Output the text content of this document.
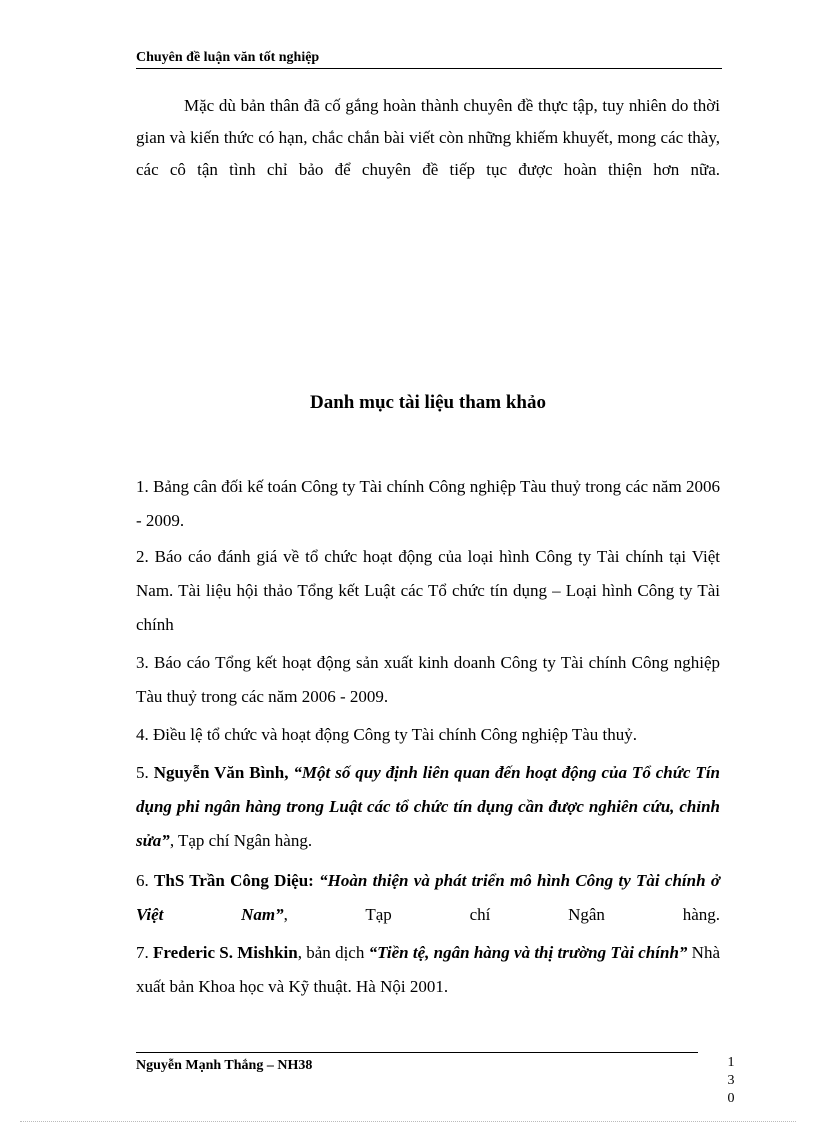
Chuyên đề luận văn tốt nghiệp

Mặc dù bản thân đã cố gắng hoàn thành chuyên đề thực tập, tuy nhiên do thời gian và kiến thức có hạn, chắc chắn bài viết còn những khiếm khuyết, mong các thày, các cô tận tình chỉ bảo để chuyên đề tiếp tục được hoàn thiện hơn nữa.

Danh mục tài liệu tham khảo

1. Bảng cân đối kế toán Công ty Tài chính Công nghiệp Tàu thuỷ trong các năm 2006 - 2009.

2. Báo cáo đánh giá về tổ chức hoạt động của loại hình Công ty Tài chính tại Việt Nam. Tài liệu hội thảo Tổng kết Luật các Tổ chức tín dụng – Loại hình Công ty Tài chính

3. Báo cáo Tổng kết hoạt động sản xuất kinh doanh Công ty Tài chính Công nghiệp Tàu thuỷ trong các năm 2006 - 2009.

4. Điều lệ tổ chức và hoạt động Công ty Tài chính Công nghiệp Tàu thuỷ.

5. Nguyễn Văn Bình, “Một số quy định liên quan đến hoạt động của Tổ chức Tín dụng phi ngân hàng trong Luật các tổ chức tín dụng cần được nghiên cứu, chỉnh sửa”, Tạp chí Ngân hàng.

6. ThS Trần Công Diệu: “Hoàn thiện và phát triển mô hình Công ty Tài chính ở Việt Nam”, Tạp chí Ngân hàng.

7. Frederic S. Mishkin, bản dịch “Tiền tệ, ngân hàng và thị trường Tài chính” Nhà xuất bản Khoa học và Kỹ thuật. Hà Nội 2001.

Nguyễn Mạnh Thắng – NH38	1
3
0
